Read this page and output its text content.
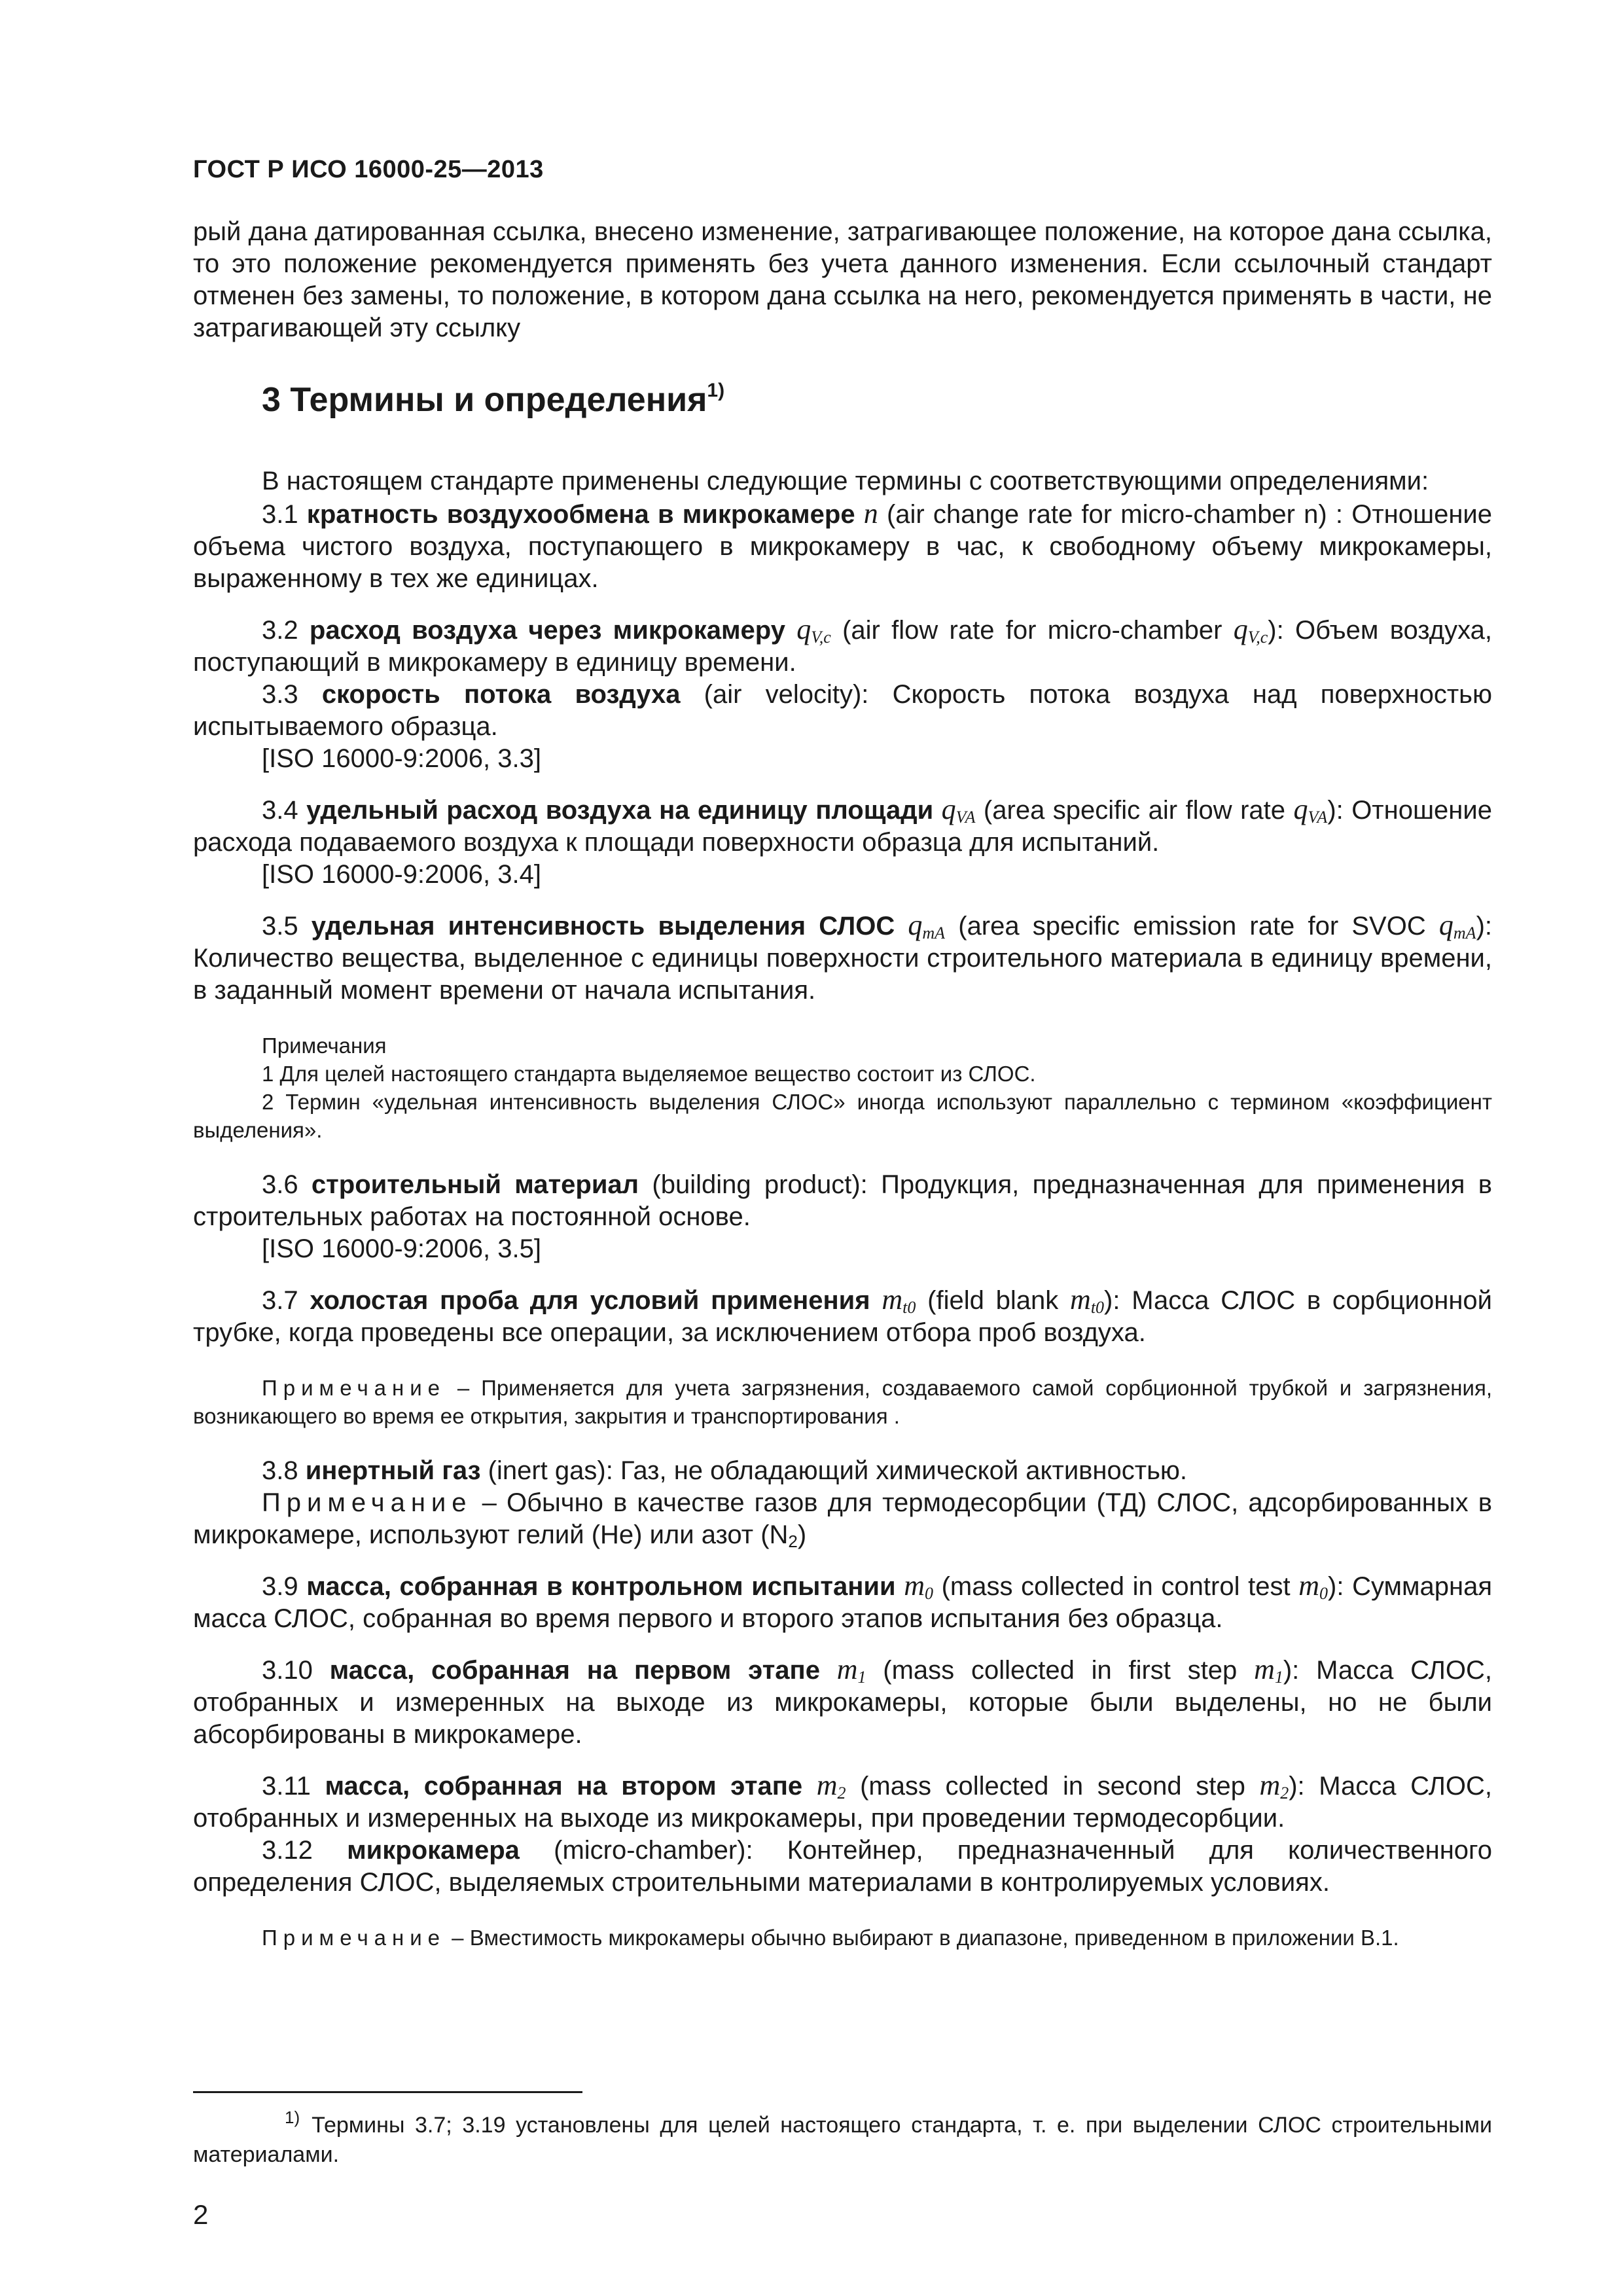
ГОСТ Р ИСО 16000-25—2013

рый дана датированная ссылка, внесено изменение, затрагивающее положение, на которое дана ссылка, то это положение рекомендуется применять без учета данного изменения. Если ссылочный стандарт отменен без замены, то положение, в котором дана ссылка на него, рекомендуется применять в части, не затрагивающей эту ссылку

3 Термины и определения$^{1)}$

В настоящем стандарте применены следующие термины с соответствующими определениями:

3.1 кратность воздухообмена в микрокамере n (air change rate for micro-chamber n) : Отношение объема чистого воздуха, поступающего в микрокамеру в час, к свободному объему микрокамеры, выраженному в тех же единицах.

3.2 расход воздуха через микрокамеру $q_{V,c}$ (air flow rate for micro-chamber $q_{V,c}$): Объем воздуха, поступающий в микрокамеру в единицу времени.

3.3 скорость потока воздуха (air velocity): Скорость потока воздуха над поверхностью испытываемого образца.

[ISO 16000-9:2006, 3.3]

3.4 удельный расход воздуха на единицу площади $q_{VA}$ (area specific air flow rate $q_{VA}$): Отношение расхода подаваемого воздуха к площади поверхности образца для испытаний.

[ISO 16000-9:2006, 3.4]

3.5 удельная интенсивность выделения СЛОС $q_{mA}$ (area specific emission rate for SVOC $q_{mA}$): Количество вещества, выделенное с единицы поверхности строительного материала в единицу времени, в заданный момент времени от начала испытания.

Примечания

1 Для целей настоящего стандарта выделяемое вещество состоит из СЛОС.

2 Термин «удельная интенсивность выделения СЛОС» иногда используют параллельно с термином «коэффициент выделения».

3.6 строительный материал (building product): Продукция, предназначенная для применения в строительных работах на постоянной основе.

[ISO 16000-9:2006, 3.5]

3.7 холостая проба для условий применения $m_{t0}$ (field blank $m_{t0}$): Масса СЛОС в сорбционной трубке, когда проведены все операции, за исключением отбора проб воздуха.

Примечание – Применяется для учета загрязнения, создаваемого самой сорбционной трубкой и загрязнения, возникающего во время ее открытия, закрытия и транспортирования .

3.8 инертный газ (inert gas): Газ, не обладающий химической активностью.

Примечание – Обычно в качестве газов для термодесорбции (ТД) СЛОС, адсорбированных в микрокамере, используют гелий (He) или азот (N2)

3.9 масса, собранная в контрольном испытании $m_0$ (mass collected in control test $m_0$): Суммарная масса СЛОС, собранная во время первого и второго этапов испытания без образца.

3.10 масса, собранная на первом этапе $m_1$ (mass collected in first step $m_1$): Масса СЛОС, отобранных и измеренных на выходе из микрокамеры, которые были выделены, но не были абсорбированы в микрокамере.

3.11 масса, собранная на втором этапе $m_2$ (mass collected in second step $m_2$): Масса СЛОС, отобранных и измеренных на выходе из микрокамеры, при проведении термодесорбции.

3.12 микрокамера (micro-chamber): Контейнер, предназначенный для количественного определения СЛОС, выделяемых строительными материалами в контролируемых условиях.

Примечание – Вместимость микрокамеры обычно выбирают в диапазоне, приведенном в приложении В.1.

$^{1)}$ Термины 3.7; 3.19 установлены для целей настоящего стандарта, т. е. при выделении СЛОС строительными материалами.

2
